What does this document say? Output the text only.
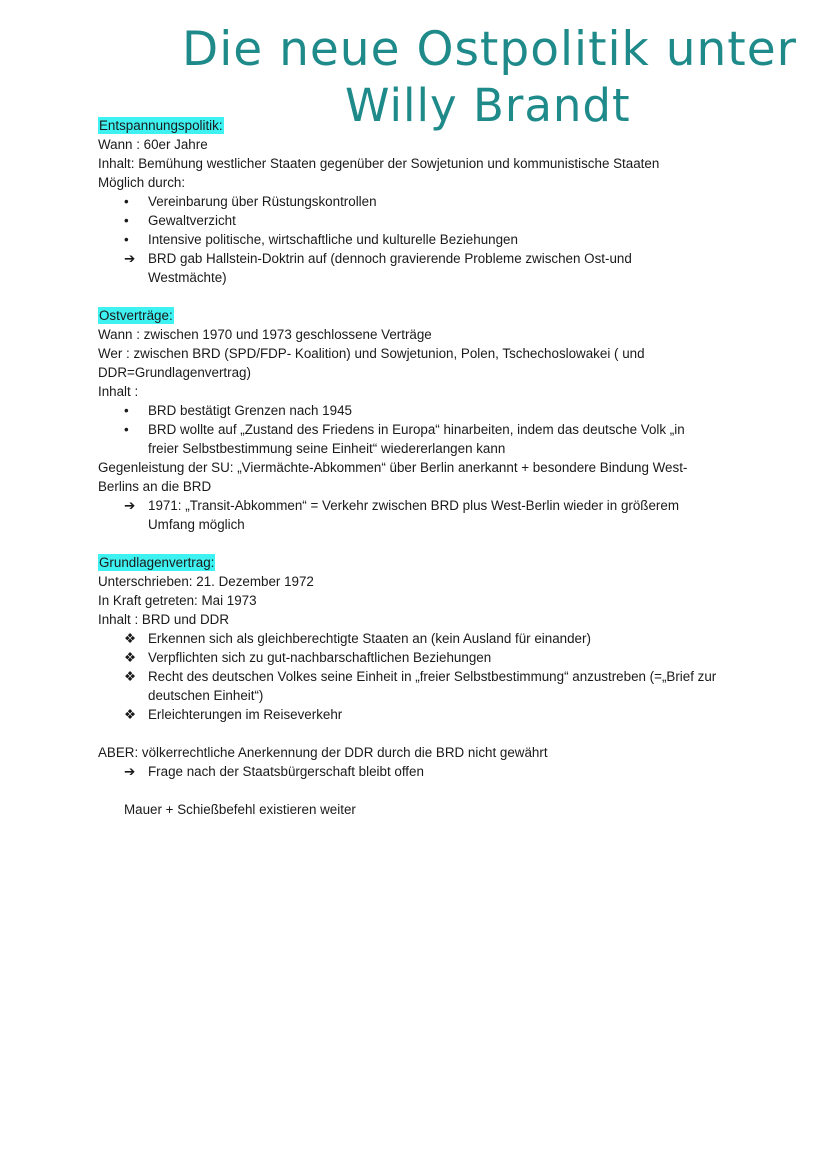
Die neue Ostpolitik unter
Willy Brandt
Entspannungspolitik:
Wann : 60er Jahre
Inhalt: Bemühung westlicher Staaten gegenüber der Sowjetunion und kommunistische Staaten
Möglich durch:
•	Vereinbarung über Rüstungskontrollen
•	Gewaltverzicht
•	Intensive politische, wirtschaftliche und kulturelle Beziehungen
➔ BRD gab Hallstein-Doktrin auf (dennoch gravierende Probleme zwischen Ost-und Westmächte)
Ostverträge:
Wann : zwischen 1970 und 1973 geschlossene Verträge
Wer : zwischen BRD (SPD/FDP- Koalition) und Sowjetunion, Polen, Tschechoslowakei ( und DDR=Grundlagenvertrag)
Inhalt :
•	BRD bestätigt Grenzen nach 1945
•	BRD wollte auf „Zustand des Friedens in Europa“ hinarbeiten, indem das deutsche Volk „in freier Selbstbestimmung seine Einheit“ wiedererlangen kann
Gegenleistung der SU: „Viermächte-Abkommen“ über Berlin anerkannt + besondere Bindung West-Berlins an die BRD
➔ 1971: „Transit-Abkommen“ = Verkehr zwischen BRD plus West-Berlin wieder in größerem Umfang möglich
Grundlagenvertrag:
Unterschrieben: 21. Dezember 1972
In Kraft getreten: Mai 1973
Inhalt : BRD und DDR
❖ Erkennen sich als gleichberechtigte Staaten an (kein Ausland für einander)
❖ Verpflichten sich zu gut-nachbarschaftlichen Beziehungen
❖ Recht des deutschen Volkes seine Einheit in „freier Selbstbestimmung“ anzustreben (=„Brief zur deutschen Einheit“)
❖ Erleichterungen im Reiseverkehr
ABER: völkerrechtliche Anerkennung der DDR durch die BRD nicht gewährt
➔ Frage nach der Staatsbürgerschaft bleibt offen
Mauer + Schießbefehl existieren weiter
